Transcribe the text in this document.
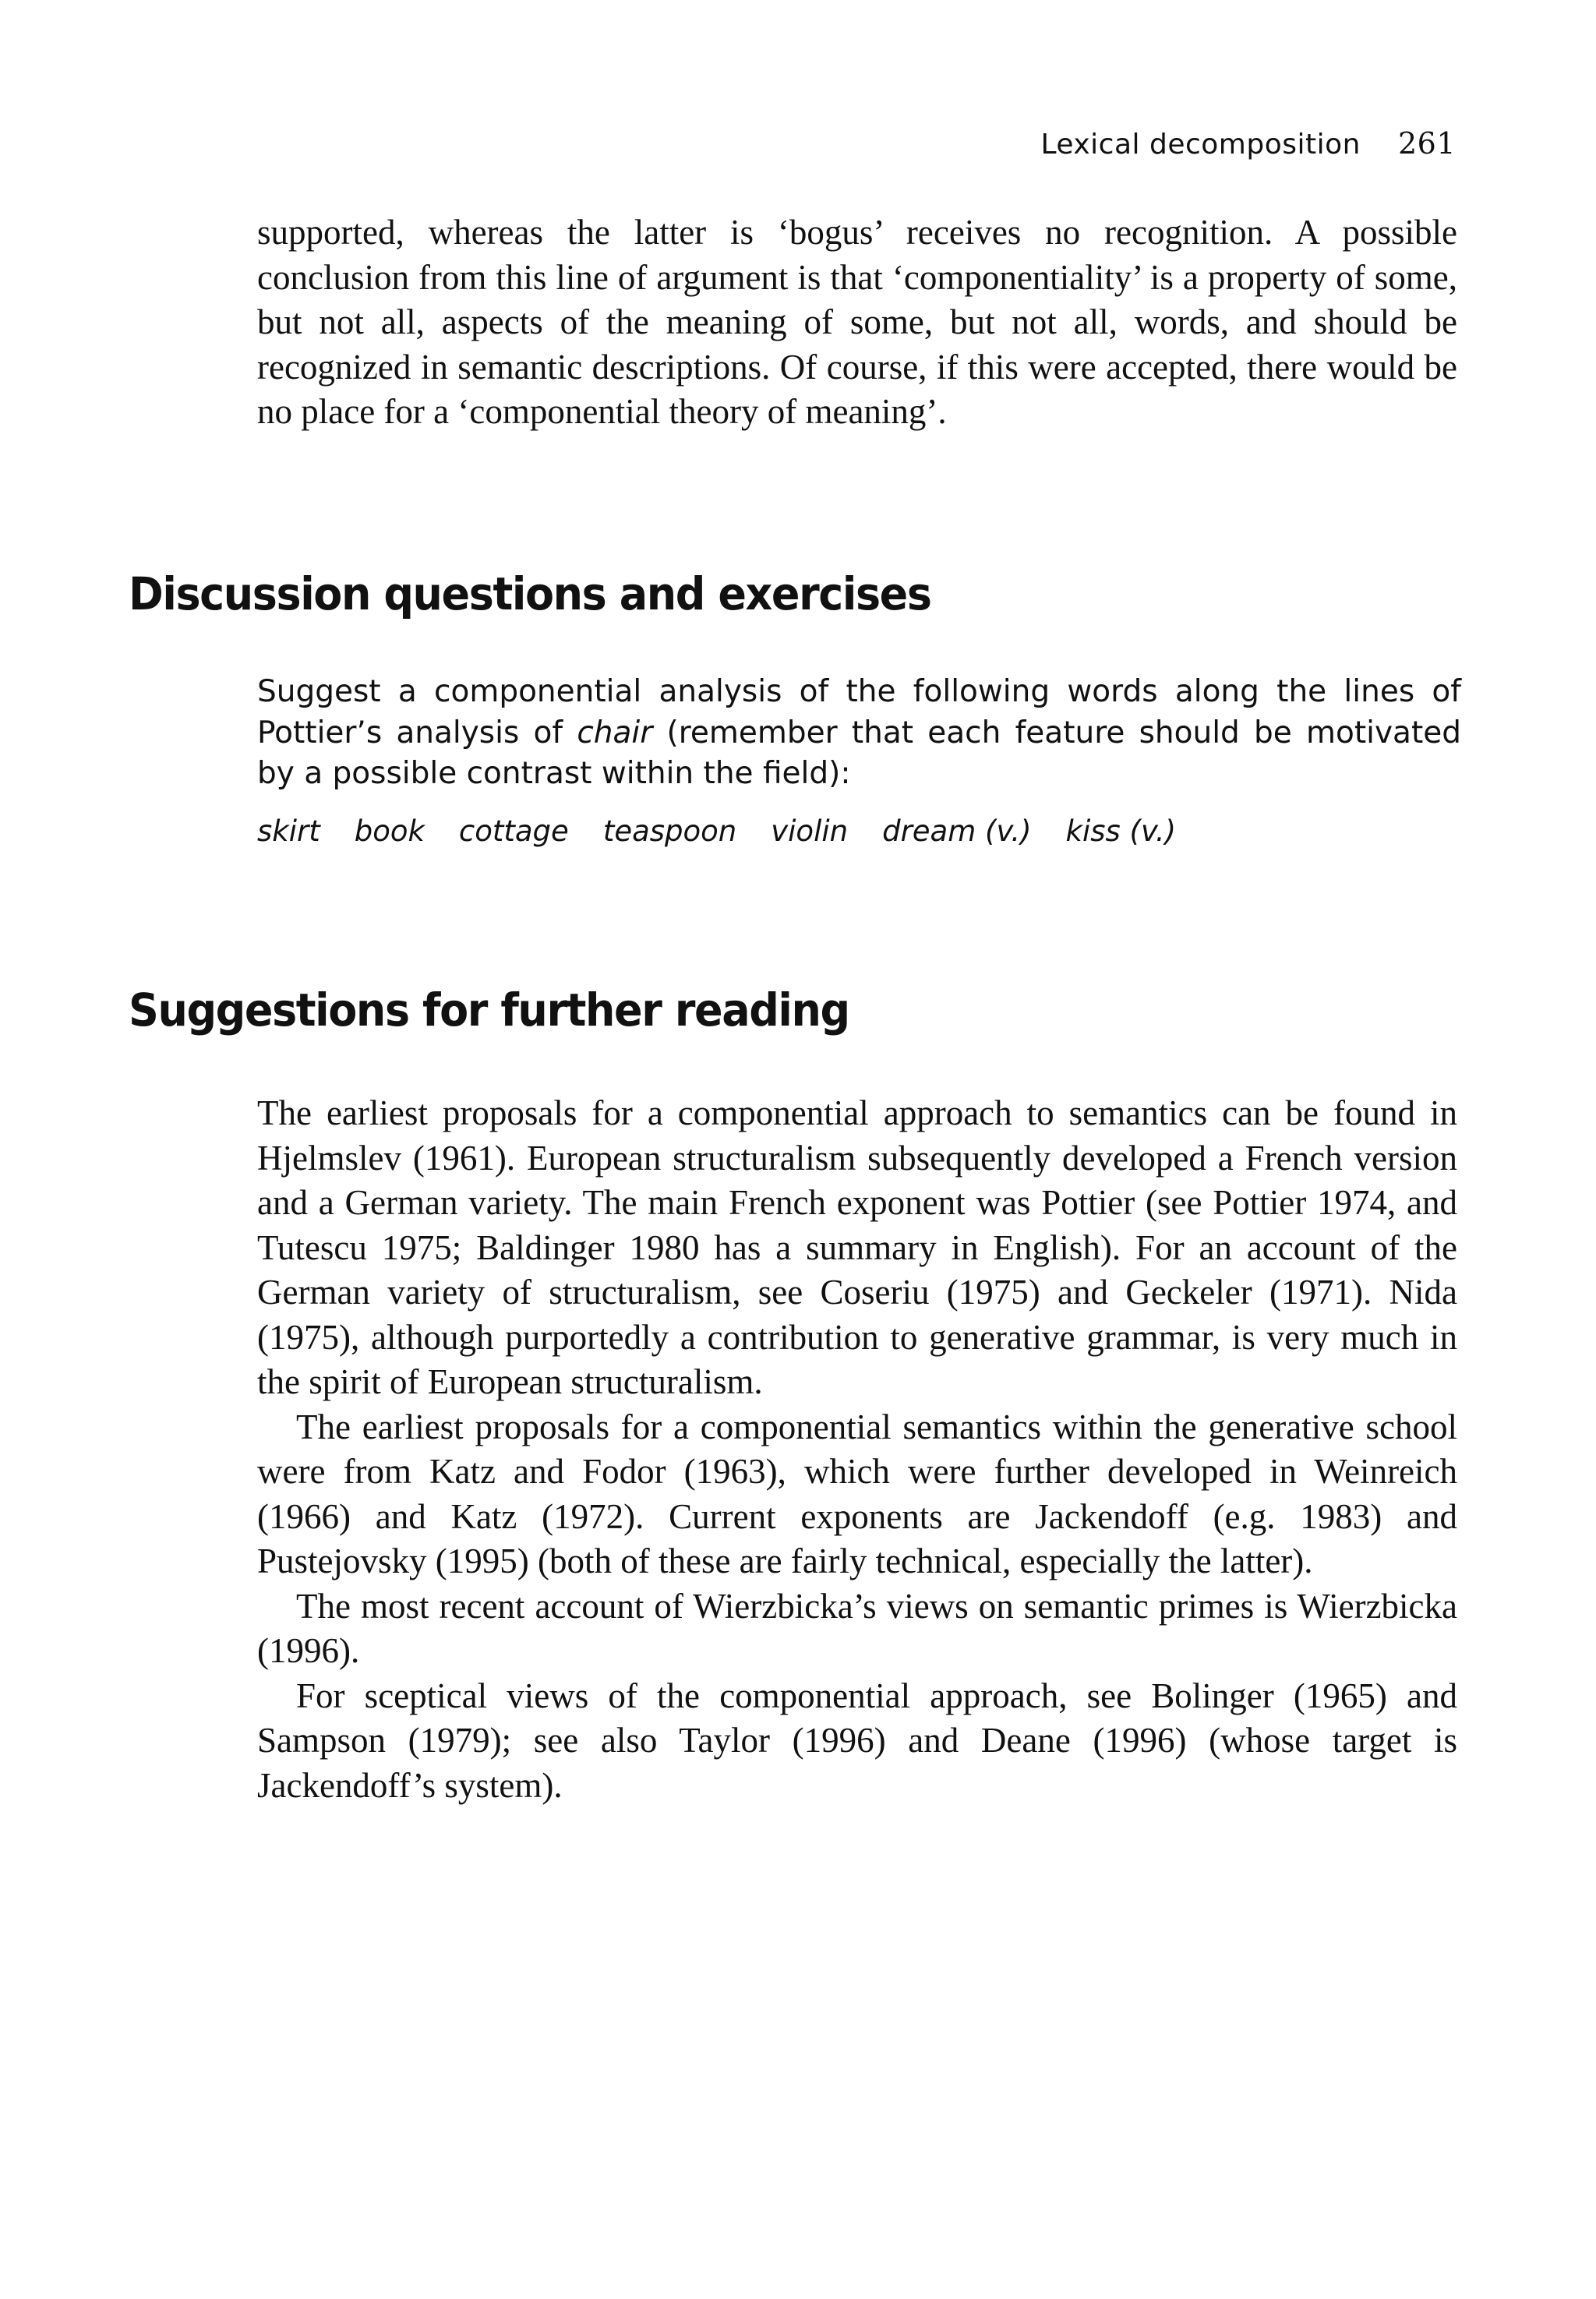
Lexical decomposition 261

supported, whereas the latter is ‘bogus’ receives no recognition. A possible conclusion from this line of argument is that ‘componentiality’ is a property of some, but not all, aspects of the meaning of some, but not all, words, and should be recognized in semantic descriptions. Of course, if this were accepted, there would be no place for a ‘componential theory of meaning’.

Discussion questions and exercises

Suggest a componential analysis of the following words along the lines of Pottier’s analysis of chair (remember that each feature should be motivated by a possible contrast within the field):

skirt book cottage teaspoon violin dream (v.) kiss (v.)
Suggestions for further reading

The earliest proposals for a componential approach to semantics can be found in Hjelmslev (1961). European structuralism subsequently developed a French version and a German variety. The main French exponent was Pottier (see Pottier 1974, and Tutescu 1975; Baldinger 1980 has a summary in English). For an account of the German variety of structuralism, see Coseriu (1975) and Geckeler (1971). Nida (1975), although purportedly a contribution to generative grammar, is very much in the spirit of European structuralism.

The earliest proposals for a componential semantics within the generative school were from Katz and Fodor (1963), which were further developed in Weinreich (1966) and Katz (1972). Current exponents are Jackendoff (e.g. 1983) and Pustejovsky (1995) (both of these are fairly technical, especially the latter).

The most recent account of Wierzbicka’s views on semantic primes is Wierzbicka (1996).

For sceptical views of the componential approach, see Bolinger (1965) and Sampson (1979); see also Taylor (1996) and Deane (1996) (whose target is Jackendoff’s system).
